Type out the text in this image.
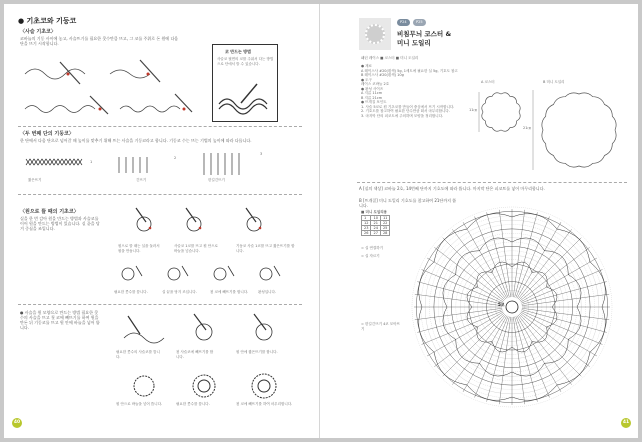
● 기초코와 기둥코
〈사슬 기초코〉
코바늘의 기둥 사이에 놓고, 사슬뜨기를 필요한 콧수만큼 뜨고, 그 코를 주위로 돈 원에 다음 단을 뜨기 시작합니다.
코 만드는 방법
사슬코 뒷면의 코를 주워서 다는 방법으로 단에서 뜰 수 있습니다.
〈두 번째 단의 기둥코〉
한 단에서 다음 단으로 넘어갈 때 높이를 맞추기 위해 뜨는 사슬을 기둥코라고 합니다. 기둥코 수는 뜨는 기법의 높이에 따라 다릅니다.
짧은뜨기	긴뜨기	한길긴뜨기
1
2
3
〈원으로 뜰 때의 기초코〉
실을 한 번 감아 원을 만드는 방법과 사슬코를 이어 원을 만드는 방법이 있습니다. 실 끝을 당겨 중심을 조입니다.
원으로 뜰 때는 실을 둘러서 원을 만듭니다.
사슬코 1코를 뜨고 원 안으로 바늘을 넣습니다.
기둥코 사슬 1코를 뜨고 짧은뜨기를 합니다.
필요한 콧수를 뜹니다.	실 끝을 당겨 조입니다.	첫 코에 빼뜨기를 합니다.	완성입니다.
● 사슬을 원 모양으로 만드는 방법 필요한 콧수의 사슬을 뜨고 첫 코에 빼뜨기를 하여 원을 만든 뒤 기둥코를 뜨고 원 안에 바늘을 넣어 뜹니다.
필요한 콧수의 사슬코를 뜹니다.
첫 사슬코에 빼뜨기를 합니다.
원 안에 짧은뜨기를 합니다.
원 안으로 바늘을 넣어 뜹니다.	필요한 콧수를 뜹니다.	첫 코에 빼뜨기를 하여 마무리합니다.
40
P24	P25
비침무늬 코스터 &
미니 도일리
패턴 레이스 ■ 코스터 ■ 미니 도일리
● 재료
A 레이스사 #20(흰색) 5g, 1세트에 필요한 실 5g, 기호도 참고
B 레이스사 #20(흰색) 10g
● 도구
레이스 코바늘 2호
● 완성 사이즈
A 지름 11cm
B 지름 21cm
● 뜨개질 포인트
1. 사슬 5코로 원 기초코를 만들어 중심에서 뜨기 시작합니다.
2. 기호도를 참고하여 필요한 단수만큼 떠서 마무리합니다.
3. 마지막 단의 피코트에 주의하며 모양을 정리합니다.
A 코스터	B 미니 도일리
11㎝
21㎝
A [실의 색상] 코바늘 2호, 14번째 단까지 기호도에 따라 뜹니다. 마지막 단은 피코트를 넣어 마무리합니다.
B [뜨개질] 미니 도일리 기호도를 참고하여 21단까지 뜹니다.
■ 미니 도일리용
1	10	11
12	21	22
23	24	25
26	27	28
= 실 연결하기
= 실 자르기
= 한길긴뜨기 4코 모아뜨기
5코
41
